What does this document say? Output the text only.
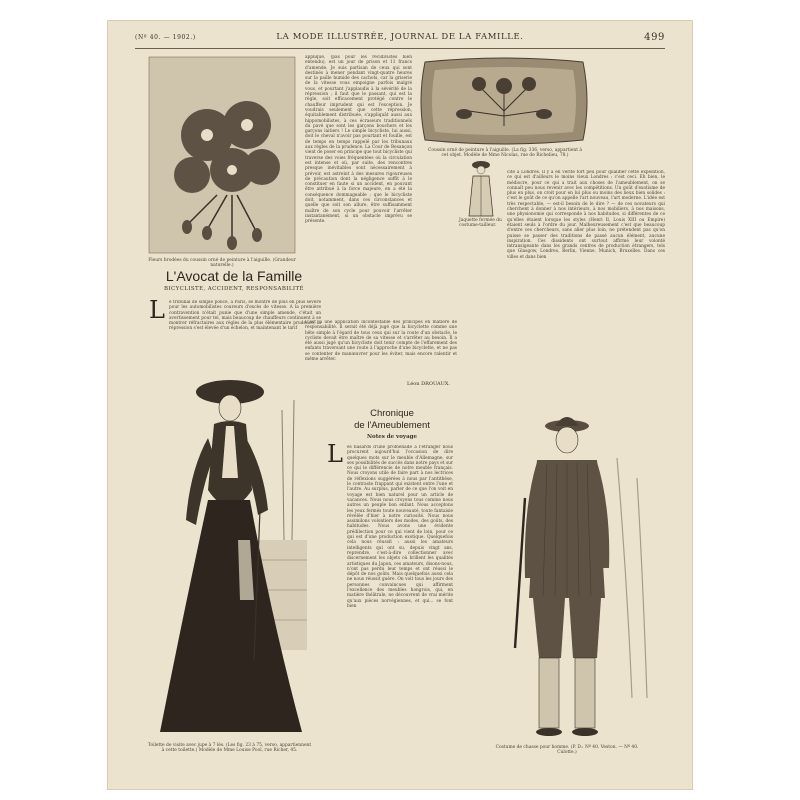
(Nº 40. — 1902.)	LA MODE ILLUSTRÉE, JOURNAL DE LA FAMILLE.	499
Fleurs brodées du coussin orné de peinture à l'aiguille. (Grandeur naturelle.)
Coussin orné de peinture à l'aiguille. (La fig. 336, verso, appartient à cet objet. Modèle de Mme Nicolas, rue de Richelieu, 78.)
appliqué, (pas pour les récidivistes bien entendu), est un jour de prison et 11 francs d'amende. Je suis partisan de ceux qui sont destinés à mener pendant vingt-quatre heures sur la paille humide des cachots, car la griserie de la vitesse vous empoigne parfois malgré vous, et pourtant j'applaudis à la sévérité de la répression ; il faut que le passant, qui est la règle, soit efficacement protégé contre le chauffeur imprudent qui est l'exception. Je voudrais seulement que cette répression, équitablement distribuée, s'appliquât aussi aux hippomobilistes, à ces écraseurs traditionnels du pavé que sont les garçons bouchers et les garçons laitiers ! Le simple bicycliste, lui aussi, doit le cheval n'avoir pas pourtant et fouille, est de temps en temps rappelé par les tribunaux aux règles de la prudence. La Cour de Besançon vient de poser en principe que tout bicycliste qui traverse des voies fréquentées où la circulation est intense et où, par suite, des rencontres presque inévitables sont nécessairement à prévoir, est astreint à des mesures rigoureuses de précaution dont la négligence suffit à le constituer en faute si un accident, en pouvant être attribué à la force majeure, en a été la conséquence dommageable ; que le bicycliste doit, notamment, dans ces circonstances et quelle que soit son allure, être suffisamment maître de son cycle pour pouvoir l'arrêter instantanément, si un obstacle imprévu se présente.
C'est là une application incontestable des principes en matière de responsabilité. Il serait été déjà jugé que la bicyclette comme une bête simple à l'égard de tous ceux qui sur la route d'un obstacle, le cycliste devait être maître de sa vitesse et s'arrêter au besoin. Il a été aussi jugé qu'un bicycliste doit tenir compte de l'effarement des enfants traversant une route à l'approche d'une bicyclette, et ne pas se contenter de manœuvrer pour les éviter, mais encore ralentir et même arrêter.
Léon DROUAUX.
L'Avocat de la Famille
BICYCLISTE, ACCIDENT, RESPONSABILITÉ
L e tribunal de simple police, à Paris, se montre de plus en plus sévère pour les automobilistes coureurs d'excès de vitesse. A la première contravention n'était punie que d'une simple amende, c'était un avertissement pour tel, mais beaucoup de chauffeurs continuent à se montrer réfractaires aux règles de la plus élémentaire prudence, la répression s'est élevée d'un échelon, et maintenant le tarif
Toilette de visite avec jupe à 7 lés. (Les fig. 23 à 75, verso, appartiennent à cette toilette.) Modèle de Mme Louise Pool, rue Richer, 45.
Chronique
de l'Ameublement
Notes de voyage
L es hasards d'une promenade à l'étranger nous procurent aujourd'hui l'occasion de dire quelques mots sur le meuble d'Allemagne, sur ses possibilités de succès dans notre pays et sur ce qui le différencie de notre meuble français. Nous croyons utile de faire part à nos lectrices de réflexions suggérées à nous par l'antithèse, le contraste frappant qui existent entre l'une et l'autre. Au surplus, parler de ce que l'on voit en voyage est bien naturel pour un article de vacances. Nous nous croyons tous comme nous autres un peuple bon enfant. Nous acceptons les yeux fermés toute nouveauté, toute fantaisie révélée d'hier à notre curiosité. Nous nous assimilons volontiers des modes, des goûts, des habitudes. Nous avons une évidente prédilection pour ce qui vient de loin, pour ce qui est d'une production exotique. Quelquefois cela nous réussit : aussi les amateurs intelligents qui ont su, depuis vingt ans, reprendre, c'est-à-dire collectionner avec discernement les objets où brillent les qualités artistiques du Japon, ces amateurs, disons-nous, n'ont pas perdu leur temps et ont réussi le dépôt de nos goûts. Mais quelquefois aussi cela ne nous réussit guère. On voit tous les jours des personnes convaincues qui affirment l'excellence des meubles hongrois, qui, en matière théâtrale, ne découvrent de vrai mérite qu'aux pièces norvégiennes, et qui... se font bien
Jaquette fermée du costume-tailleur.
cité à Londres. Il y a en vérité fort peu pour qualifier cette expédition, ce qui est d'ailleurs le moins vieux Londres : c'est ceci. Eh bien, le médiocre, pour ce qui a trait aux choses de l'ameublement, on se connaît peu nous revenir avec les compétitions. Un goût d'exotisme de plus en plus, on croit pour en lui plus ou moins des lieux bien solides : c'est le goût de ce qu'on appelle l'art nouveau, l'art moderne. L'idée est très respectable, — est-il besoin de le dire ? — de ces novateurs qui cherchent à donner à nos intérieurs, à nos mobiliers, à nos maisons, une physionomie qui corresponde à nos habitudes, si différentes de ce qu'elles étaient lorsque les styles (Henri II, Louis XIII ou Empire) étaient seuls à l'ordre du jour. Malheureusement c'est que beaucoup d'entre ces chercheurs, sans aller plus loin, ne prétendent pas qu'on puisse se passer des traditions de passé aucun élément, aucune inspiration. Ces dissidents ont surtout affirmé leur volonté intransigeante dans les grands centres de production étrangers, tels que Glasgow, Londres, Berlin, Vienne, Munich, Bruxelles. Dans ces villes et dans bien
Costume de chasse pour homme. (P. D.: Nº 40. Veston. — Nº 40. Culotte.)
